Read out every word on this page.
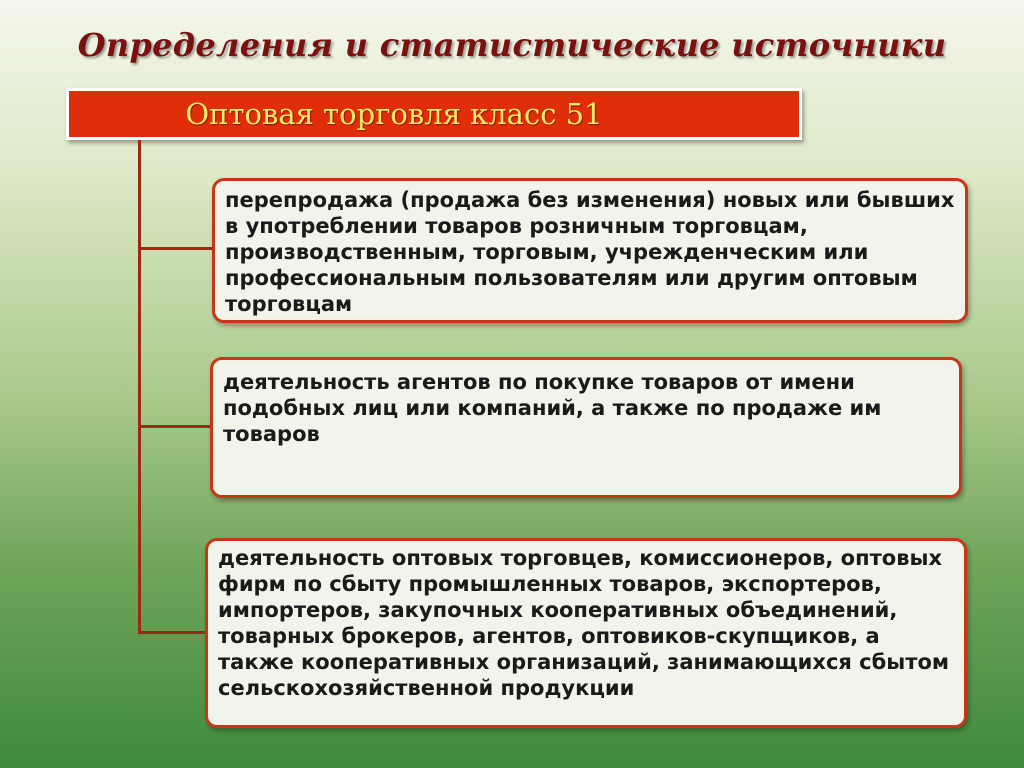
Определения и статистические источники
Оптовая торговля класс 51
перепродажа (продажа без изменения) новых или бывших в употреблении товаров розничным торговцам, производственным, торговым, учрежденческим или профессиональным пользователям или другим оптовым торговцам
деятельность агентов по покупке товаров от имени подобных лиц или компаний, а также по продаже им товаров
деятельность оптовых торговцев, комиссионеров, оптовых фирм по сбыту промышленных товаров, экспортеров, импортеров, закупочных кооперативных объединений, товарных брокеров, агентов, оптовиков-скупщиков, а также кооперативных организаций, занимающихся сбытом сельскохозяйственной продукции
